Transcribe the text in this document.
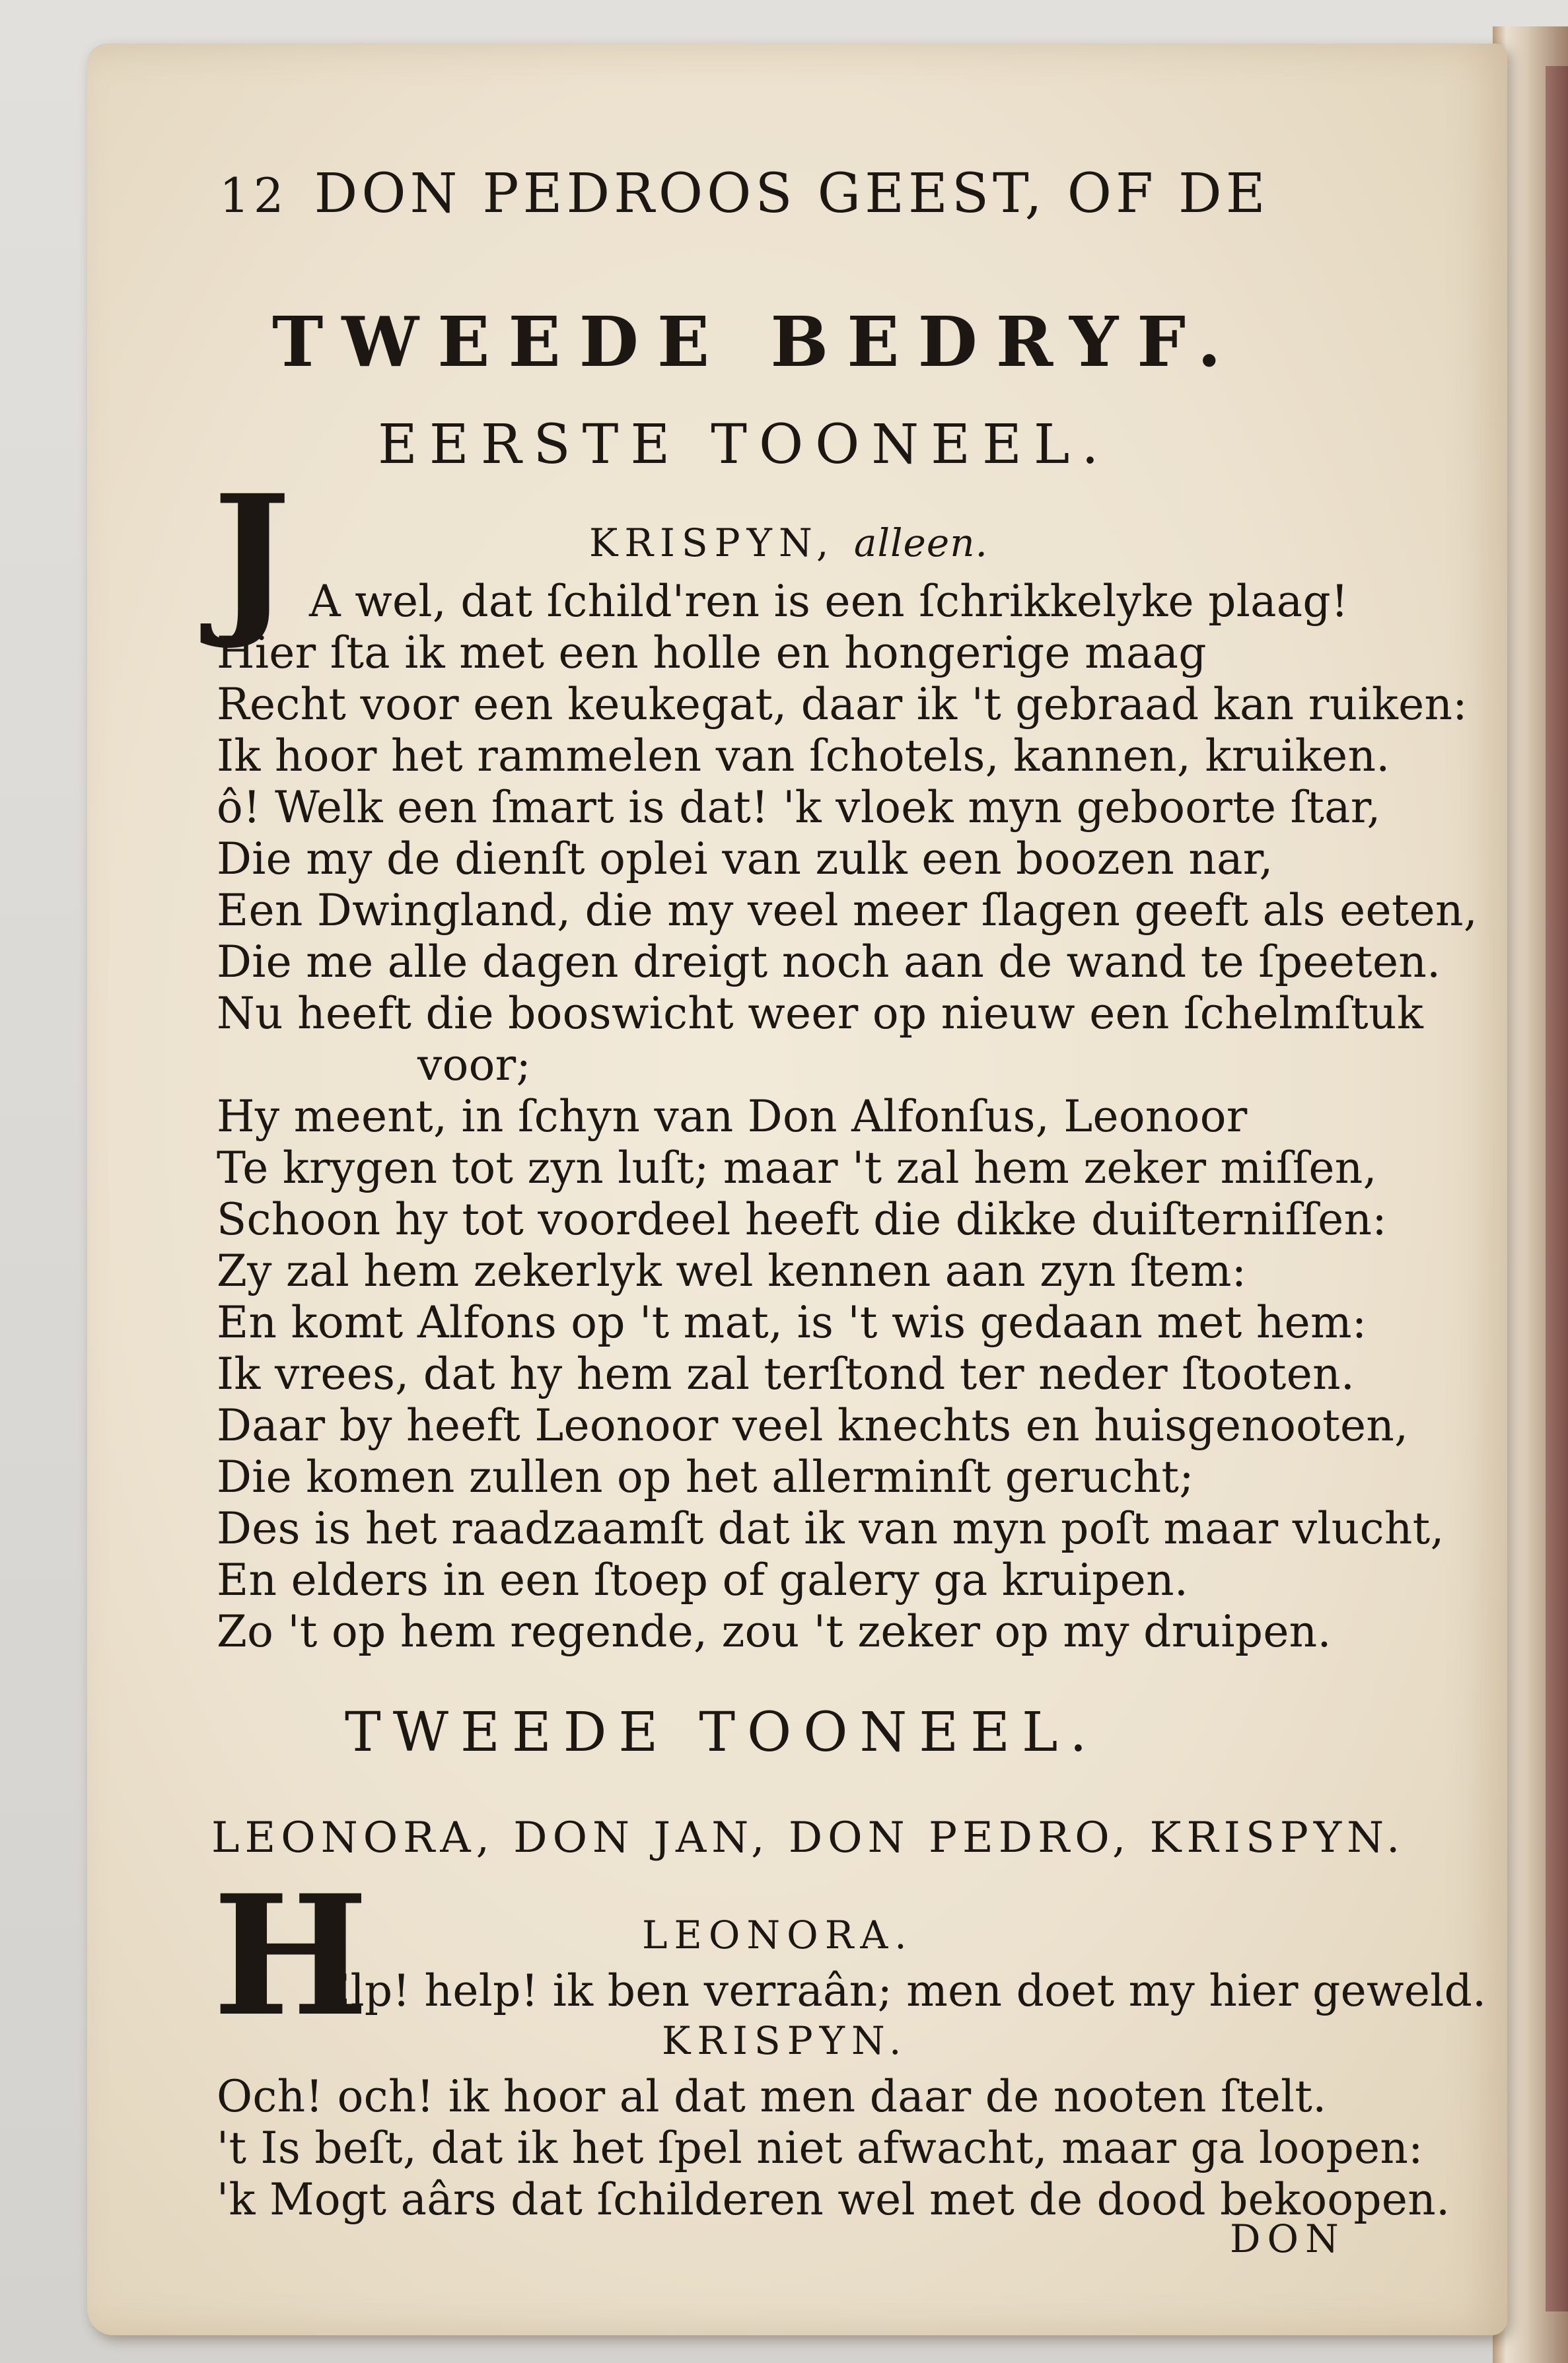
12 DON PEDROOS GEEST, OF DE
TWEEDE BEDRYF.
EERSTE TOONEEL.
KRISPYN, alleen.
J A wel, dat ſchild'ren is een ſchrikkelyke plaag!
Hier ſta ik met een holle en hongerige maag
Recht voor een keukegat, daar ik 't gebraad kan ruiken:
Ik hoor het rammelen van ſchotels, kannen, kruiken.
ô! Welk een ſmart is dat! 'k vloek myn geboorte ſtar,
Die my de dienſt oplei van zulk een boozen nar,
Een Dwingland, die my veel meer ſlagen geeft als eeten,
Die me alle dagen dreigt noch aan de wand te ſpeeten.
Nu heeft die booswicht weer op nieuw een ſchelmſtuk
voor;
Hy meent, in ſchyn van Don Alfonſus, Leonoor
Te krygen tot zyn luſt; maar 't zal hem zeker miſſen,
Schoon hy tot voordeel heeft die dikke duiſterniſſen:
Zy zal hem zekerlyk wel kennen aan zyn ſtem:
En komt Alfons op 't mat, is 't wis gedaan met hem:
Ik vrees, dat hy hem zal terſtond ter neder ſtooten.
Daar by heeft Leonoor veel knechts en huisgenooten,
Die komen zullen op het allerminſt gerucht;
Des is het raadzaamſt dat ik van myn poſt maar vlucht,
En elders in een ſtoep of galery ga kruipen.
Zo 't op hem regende, zou 't zeker op my druipen.
TWEEDE TOONEEL.
LEONORA, DON JAN, DON PEDRO, KRISPYN.
LEONORA.
H
Elp! help! ik ben verraân; men doet my hier geweld.
KRISPYN.
Och! och! ik hoor al dat men daar de nooten ſtelt.
't Is beſt, dat ik het ſpel niet afwacht, maar ga loopen:
'k Mogt aârs dat ſchilderen wel met de dood bekoopen.
DON
